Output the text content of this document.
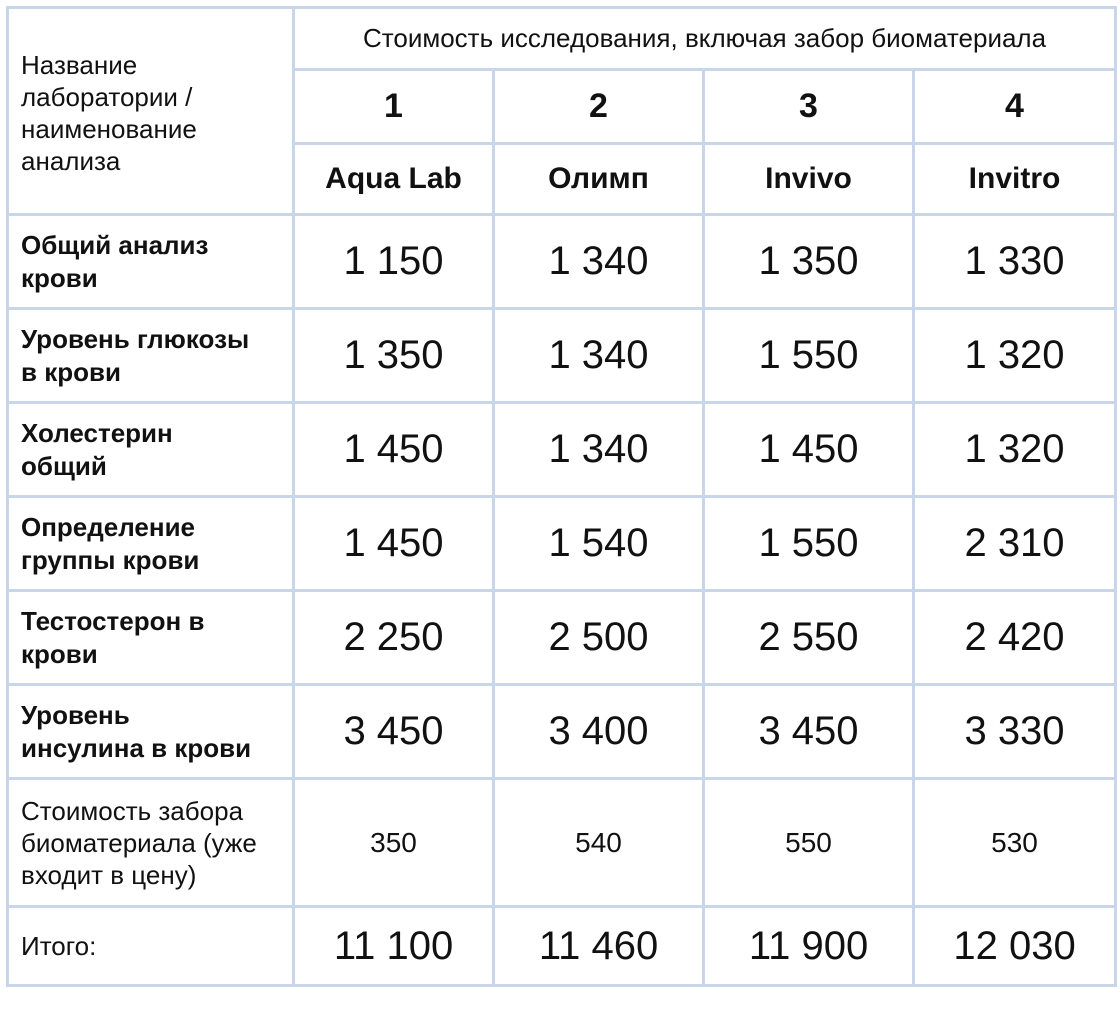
Название
лаборатории /
наименование
анализа	Стоимость исследования, включая забор биоматериала			
	1	2	3	4
	Aqua Lab	Олимп	Invivo	Invitro

Общий анализ
крови	1 150	1 340	1 350	1 330

Уровень глюкозы
в крови	1 350	1 340	1 550	1 320

Холестерин
общий	1 450	1 340	1 450	1 320

Определение
группы крови	1 450	1 540	1 550	2 310

Тестостерон в
крови	2 250	2 500	2 550	2 420

Уровень
инсулина в крови	3 450	3 400	3 450	3 330

Стоимость забора
биоматериала (уже
входит в цену)	350	540	550	530
Итого:	11 100	11 460	11 900	12 030
